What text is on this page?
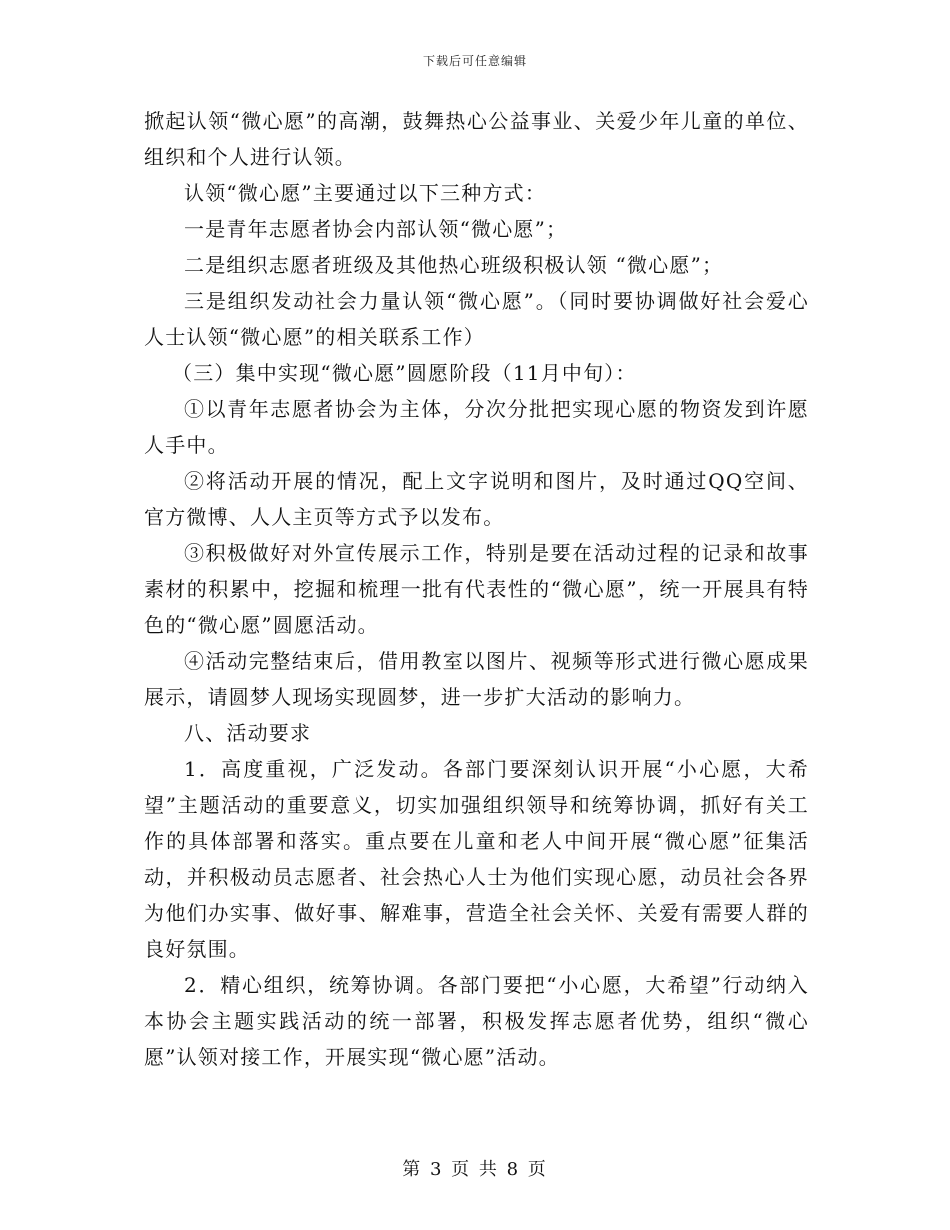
下载后可任意编辑

掀起认领“微心愿”的高潮，鼓舞热心公益事业、关爱少年儿童的单位、组织和个人进行认领。

认领“微心愿”主要通过以下三种方式：

一是青年志愿者协会内部认领“微心愿”；

二是组织志愿者班级及其他热心班级积极认领 “微心愿”；

三是组织发动社会力量认领“微心愿”。（同时要协调做好社会爱心人士认领“微心愿”的相关联系工作）

（三）集中实现“微心愿”圆愿阶段（11月中旬）：

①以青年志愿者协会为主体，分次分批把实现心愿的物资发到许愿人手中。

②将活动开展的情况，配上文字说明和图片，及时通过QQ空间、官方微博、人人主页等方式予以发布。

③积极做好对外宣传展示工作，特别是要在活动过程的记录和故事素材的积累中，挖掘和梳理一批有代表性的“微心愿”，统一开展具有特色的“微心愿”圆愿活动。

④活动完整结束后，借用教室以图片、视频等形式进行微心愿成果展示，请圆梦人现场实现圆梦，进一步扩大活动的影响力。

八、活动要求

1．高度重视，广泛发动。各部门要深刻认识开展“小心愿，大希望”主题活动的重要意义，切实加强组织领导和统筹协调，抓好有关工作的具体部署和落实。重点要在儿童和老人中间开展“微心愿”征集活动，并积极动员志愿者、社会热心人士为他们实现心愿，动员社会各界为他们办实事、做好事、解难事，营造全社会关怀、关爱有需要人群的良好氛围。

2．精心组织，统筹协调。各部门要把“小心愿，大希望”行动纳入本协会主题实践活动的统一部署，积极发挥志愿者优势，组织“微心愿”认领对接工作，开展实现“微心愿”活动。

第 3 页 共 8 页
